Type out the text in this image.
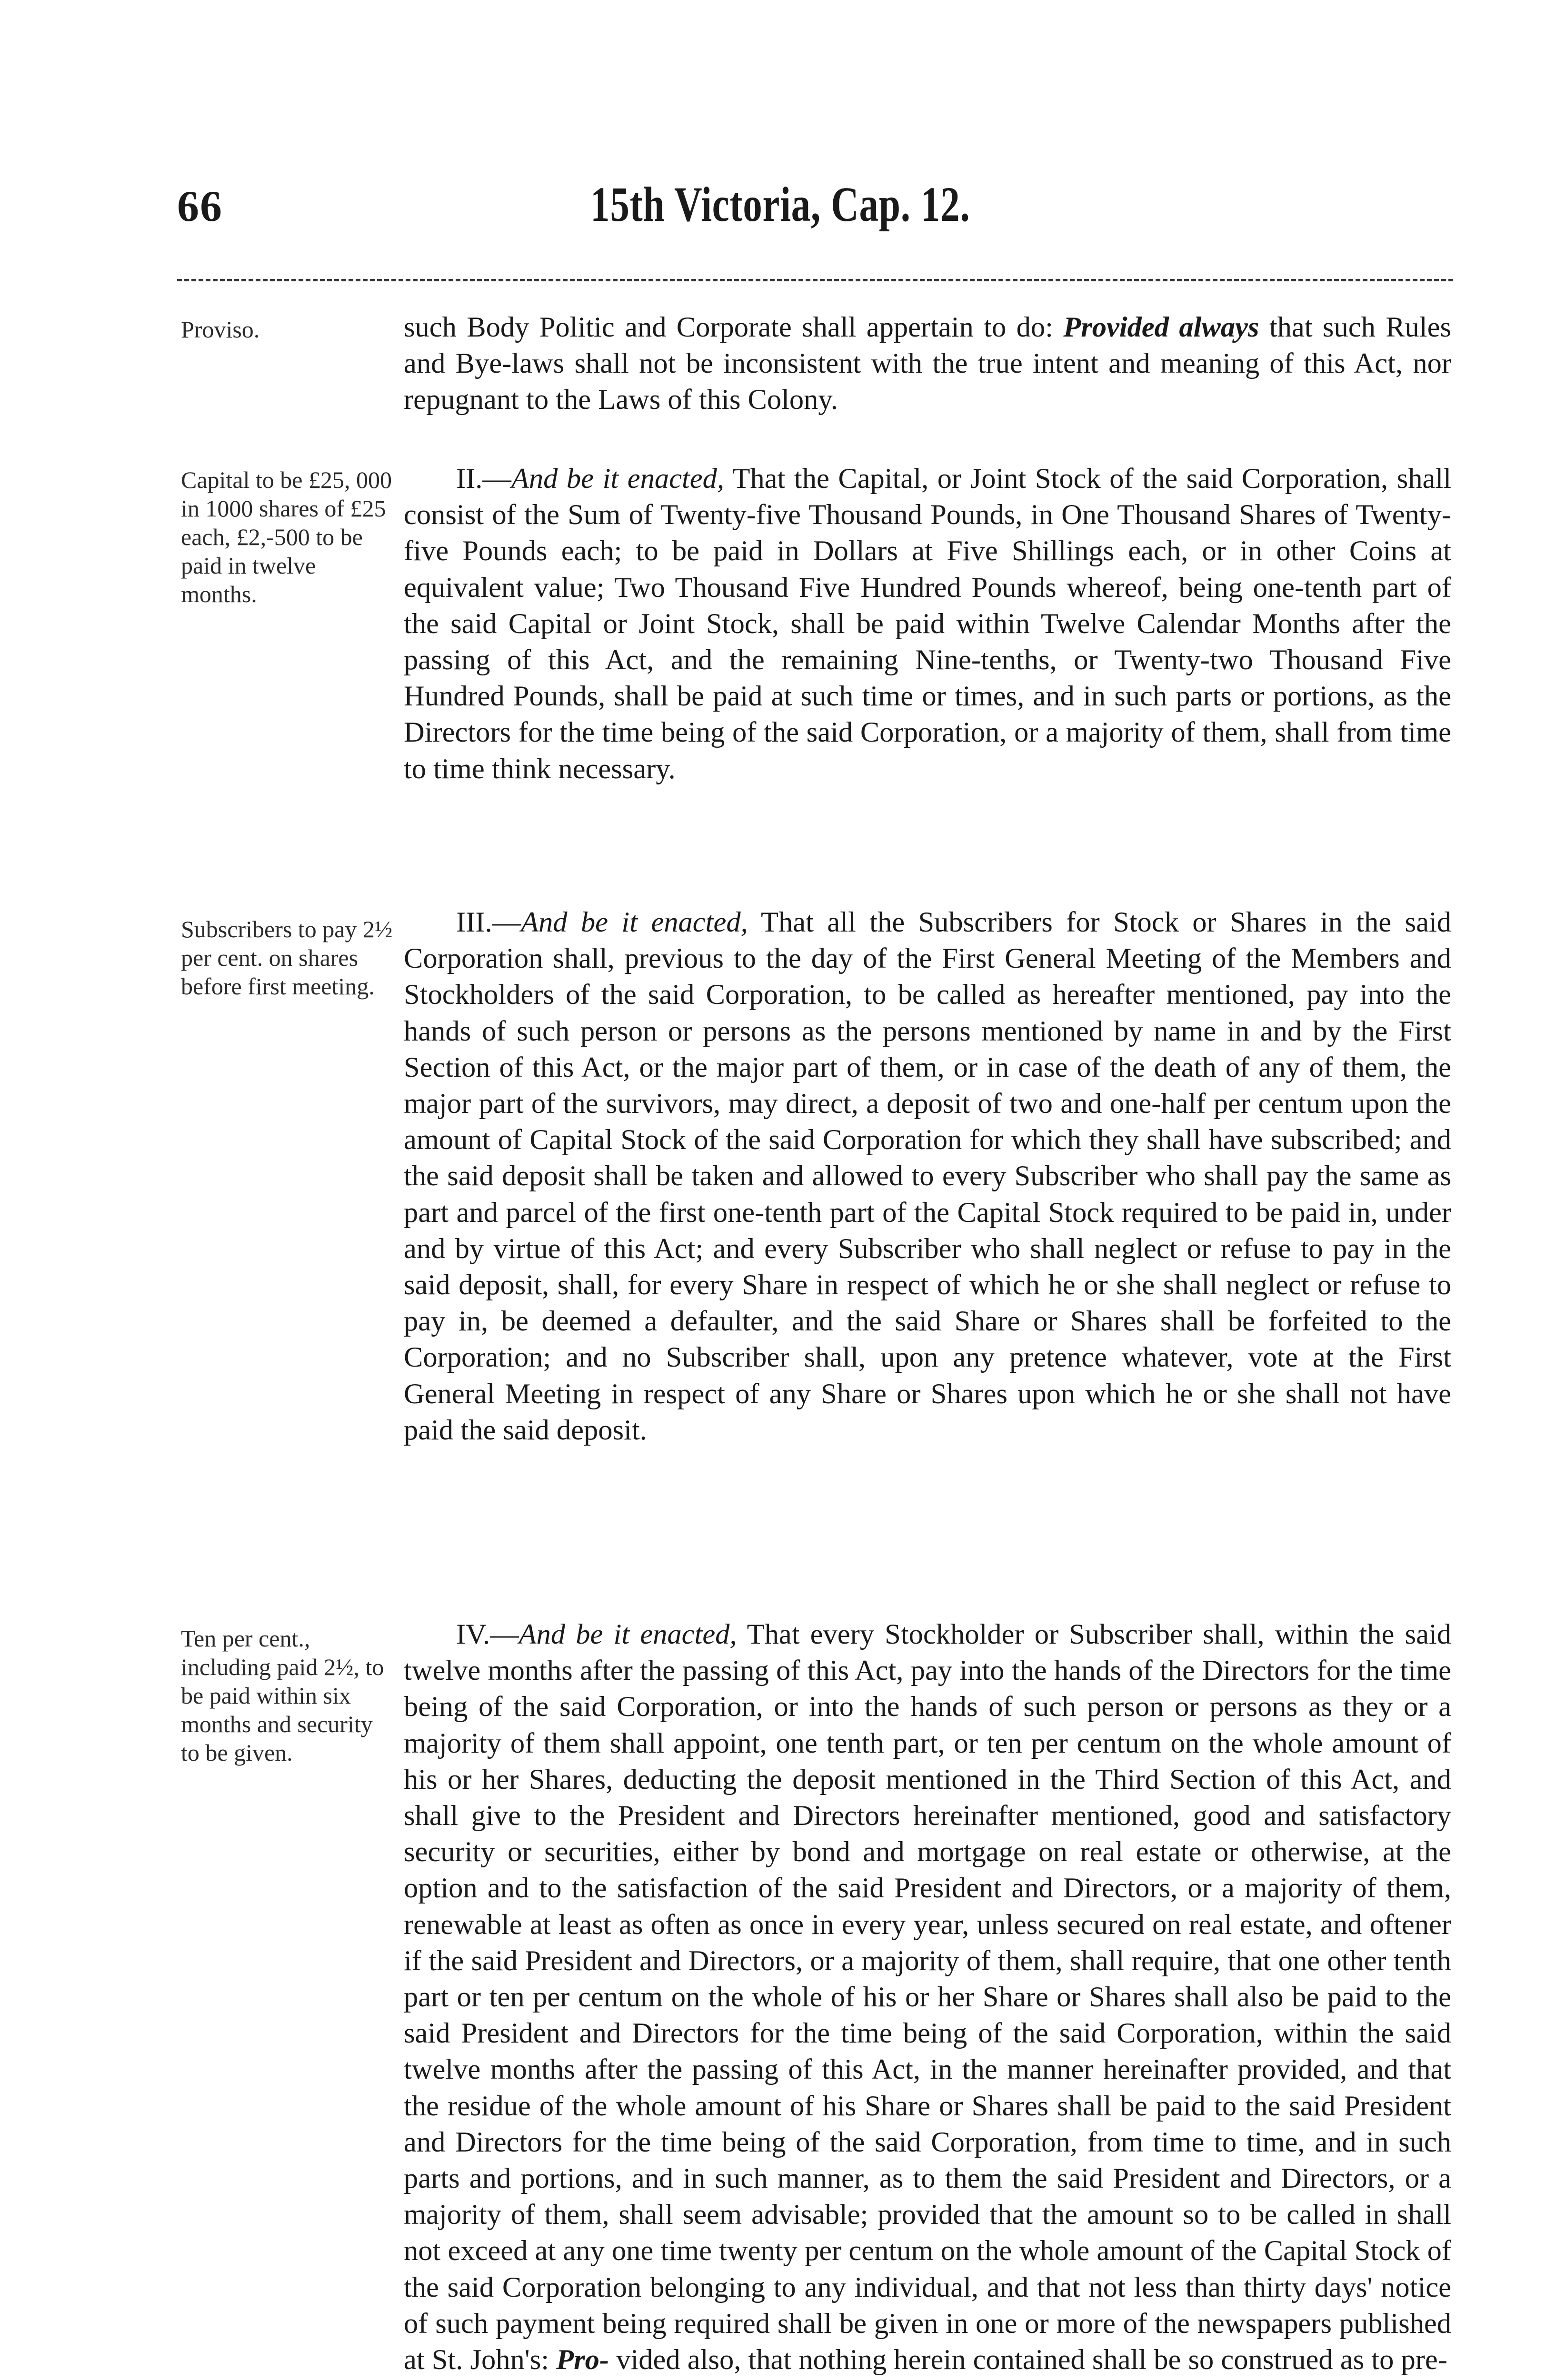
66	15th Victoria, Cap. 12.
Proviso.	such Body Politic and Corporate shall appertain to do: Provided always that such Rules and Bye-laws shall not be inconsistent with the true intent and meaning of this Act, nor repugnant to the Laws of this Colony.
Capital to be £25, 000 in 1000 shares of £25 each, £2,-500 to be paid in twelve months.
II.—And be it enacted, That the Capital, or Joint Stock of the said Corporation, shall consist of the Sum of Twenty-five Thousand Pounds, in One Thousand Shares of Twenty-five Pounds each; to be paid in Dollars at Five Shillings each, or in other Coins at equivalent value; Two Thousand Five Hundred Pounds whereof, being one-tenth part of the said Capital or Joint Stock, shall be paid within Twelve Calendar Months after the passing of this Act, and the remaining Nine-tenths, or Twenty-two Thousand Five Hundred Pounds, shall be paid at such time or times, and in such parts or portions, as the Directors for the time being of the said Corporation, or a majority of them, shall from time to time think necessary.
Subscribers to pay 2½ per cent. on shares before first meeting.
III.—And be it enacted, That all the Subscribers for Stock or Shares in the said Corporation shall, previous to the day of the First General Meeting of the Members and Stockholders of the said Corporation, to be called as hereafter mentioned, pay into the hands of such person or persons as the persons mentioned by name in and by the First Section of this Act, or the major part of them, or in case of the death of any of them, the major part of the survivors, may direct, a deposit of two and one-half per centum upon the amount of Capital Stock of the said Corporation for which they shall have subscribed; and the said deposit shall be taken and allowed to every Subscriber who shall pay the same as part and parcel of the first one-tenth part of the Capital Stock required to be paid in, under and by virtue of this Act; and every Subscriber who shall neglect or refuse to pay in the said deposit, shall, for every Share in respect of which he or she shall neglect or refuse to pay in, be deemed a defaulter, and the said Share or Shares shall be forfeited to the Corporation; and no Subscriber shall, upon any pretence whatever, vote at the First General Meeting in respect of any Share or Shares upon which he or she shall not have paid the said deposit.
Ten per cent., including paid 2½, to be paid within six months and security to be given.
IV.—And be it enacted, That every Stockholder or Subscriber shall, within the said twelve months after the passing of this Act, pay into the hands of the Directors for the time being of the said Corporation, or into the hands of such person or persons as they or a majority of them shall appoint, one tenth part, or ten per centum on the whole amount of his or her Shares, deducting the deposit mentioned in the Third Section of this Act, and shall give to the President and Directors hereinafter mentioned, good and satisfactory security or securities, either by bond and mortgage on real estate or otherwise, at the option and to the satisfaction of the said President and Directors, or a majority of them, renewable at least as often as once in every year, unless secured on real estate, and oftener if the said President and Directors, or a majority of them, shall require, that one other tenth part or ten per centum on the whole of his or her Share or Shares shall also be paid to the said President and Directors for the time being of the said Corporation, within the said twelve months after the passing of this Act, in the manner hereinafter provided, and that the residue of the whole amount of his Share or Shares shall be paid to the said President and Directors for the time being of the said Corporation, from time to time, and in such parts and portions, and in such manner, as to them the said President and Directors, or a majority of them, shall seem advisable; provided that the amount so to be called in shall not exceed at any one time twenty per centum on the whole amount of the Capital Stock of the said Corporation belonging to any individual, and that not less than thirty days' notice of such payment being required shall be given in one or more of the newspapers published at St. John's: Pro- vided also, that nothing herein contained shall be so construed as to pre-
